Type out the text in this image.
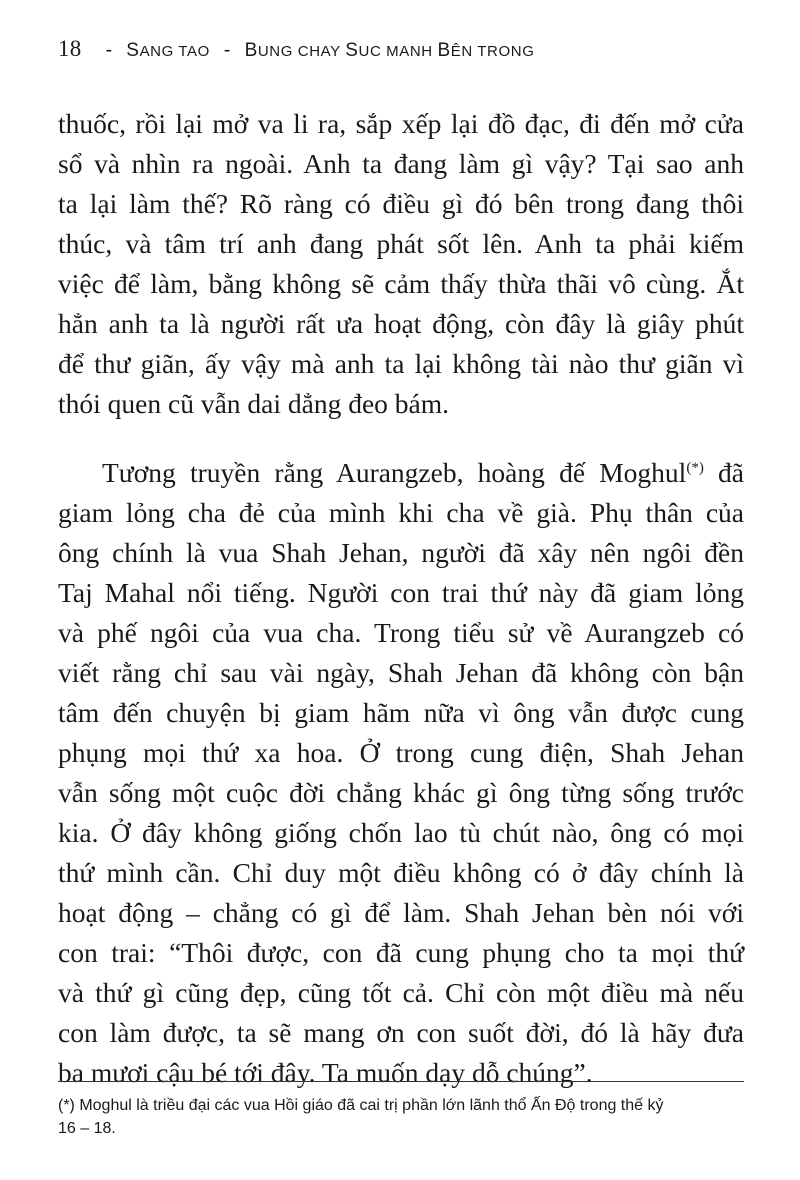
18 - SANG TAO - BUNG CHAY SUC MANH BÊN TRONG
thuốc, rồi lại mở va li ra, sắp xếp lại đồ đạc, đi đến mở cửa
sổ và nhìn ra ngoài. Anh ta đang làm gì vậy? Tại sao anh
ta lại làm thế? Rõ ràng có điều gì đó bên trong đang thôi
thúc, và tâm trí anh đang phát sốt lên. Anh ta phải kiếm
việc để làm, bằng không sẽ cảm thấy thừa thãi vô cùng. Ắt
hẳn anh ta là người rất ưa hoạt động, còn đây là giây phút
để thư giãn, ấy vậy mà anh ta lại không tài nào thư giãn vì
thói quen cũ vẫn dai dẳng đeo bám.
Tương truyền rằng Aurangzeb, hoàng đế Moghul(*) đã
giam lỏng cha đẻ của mình khi cha về già. Phụ thân của
ông chính là vua Shah Jehan, người đã xây nên ngôi đền
Taj Mahal nổi tiếng. Người con trai thứ này đã giam lỏng
và phế ngôi của vua cha. Trong tiểu sử về Aurangzeb có
viết rằng chỉ sau vài ngày, Shah Jehan đã không còn bận
tâm đến chuyện bị giam hãm nữa vì ông vẫn được cung
phụng mọi thứ xa hoa. Ở trong cung điện, Shah Jehan
vẫn sống một cuộc đời chẳng khác gì ông từng sống trước
kia. Ở đây không giống chốn lao tù chút nào, ông có mọi
thứ mình cần. Chỉ duy một điều không có ở đây chính là
hoạt động – chẳng có gì để làm. Shah Jehan bèn nói với
con trai: “Thôi được, con đã cung phụng cho ta mọi thứ
và thứ gì cũng đẹp, cũng tốt cả. Chỉ còn một điều mà nếu
con làm được, ta sẽ mang ơn con suốt đời, đó là hãy đưa
ba mươi cậu bé tới đây. Ta muốn dạy dỗ chúng”.
(*) Moghul là triều đại các vua Hồi giáo đã cai trị phần lớn lãnh thổ Ấn Độ trong thế kỷ
16 – 18.
